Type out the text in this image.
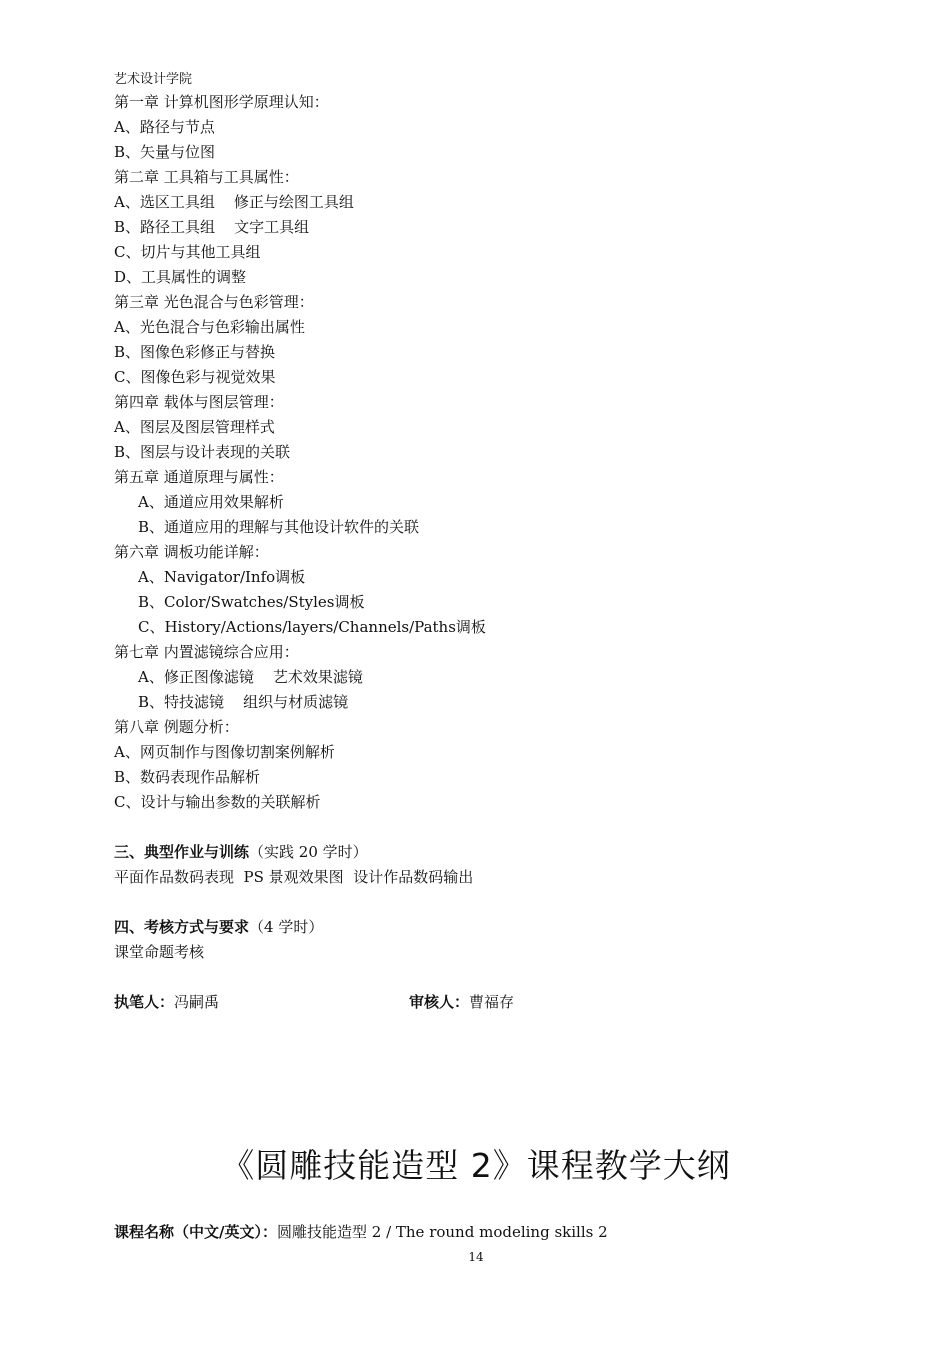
艺术设计学院
第一章 计算机图形学原理认知：
A、路径与节点
B、矢量与位图
第二章 工具箱与工具属性：
A、选区工具组    修正与绘图工具组
B、路径工具组    文字工具组
C、切片与其他工具组
D、工具属性的调整
第三章 光色混合与色彩管理：
A、光色混合与色彩输出属性
B、图像色彩修正与替换
C、图像色彩与视觉效果
第四章 载体与图层管理：
A、图层及图层管理样式
B、图层与设计表现的关联
第五章 通道原理与属性：
A、通道应用效果解析
B、通道应用的理解与其他设计软件的关联
第六章 调板功能详解：
A、Navigator/Info调板
B、Color/Swatches/Styles调板
C、History/Actions/layers/Channels/Paths调板
第七章 内置滤镜综合应用：
A、修正图像滤镜    艺术效果滤镜
B、特技滤镜    组织与材质滤镜
第八章 例题分析：
A、网页制作与图像切割案例解析
B、数码表现作品解析
C、设计与输出参数的关联解析
三、典型作业与训练（实践 20 学时）
平面作品数码表现  PS 景观效果图  设计作品数码输出
四、考核方式与要求（4 学时）
课堂命题考核
执笔人：冯嗣禹	审核人：曹福存
《圆雕技能造型 2》课程教学大纲
课程名称（中文/英文）：圆雕技能造型 2 / The round modeling skills 2
14
